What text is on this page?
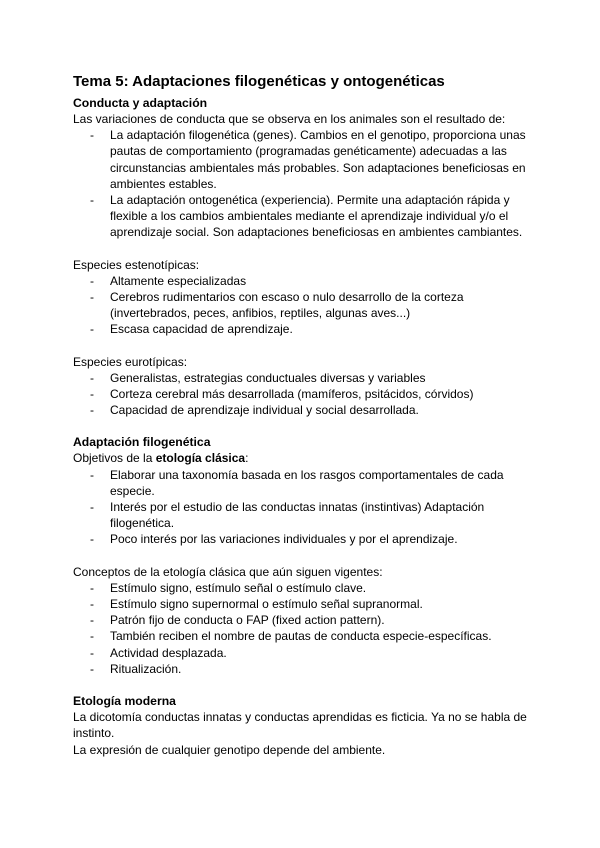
Tema 5: Adaptaciones filogenéticas y ontogenéticas
Conducta y adaptación

Las variaciones de conducta que se observa en los animales son el resultado de:

- La adaptación filogenética (genes). Cambios en el genotipo, proporciona unas pautas de comportamiento (programadas genéticamente) adecuadas a las circunstancias ambientales más probables. Son adaptaciones beneficiosas en ambientes estables.
- La adaptación ontogenética (experiencia). Permite una adaptación rápida y flexible a los cambios ambientales mediante el aprendizaje individual y/o el aprendizaje social. Son adaptaciones beneficiosas en ambientes cambiantes.

Especies estenotípicas:

- Altamente especializadas
- Cerebros rudimentarios con escaso o nulo desarrollo de la corteza (invertebrados, peces, anfibios, reptiles, algunas aves...)
- Escasa capacidad de aprendizaje.

Especies eurotípicas:

- Generalistas, estrategias conductuales diversas y variables
- Corteza cerebral más desarrollada (mamíferos, psitácidos, córvidos)
- Capacidad de aprendizaje individual y social desarrollada.
Adaptación filogenética

Objetivos de la etología clásica:

- Elaborar una taxonomía basada en los rasgos comportamentales de cada especie.
- Interés por el estudio de las conductas innatas (instintivas) Adaptación filogenética.
- Poco interés por las variaciones individuales y por el aprendizaje.

Conceptos de la etología clásica que aún siguen vigentes:

- Estímulo signo, estímulo señal o estímulo clave.
- Estímulo signo supernormal o estímulo señal supranormal.
- Patrón fijo de conducta o FAP (fixed action pattern).
- También reciben el nombre de pautas de conducta especie-específicas.
- Actividad desplazada.
- Ritualización.
Etología moderna

La dicotomía conductas innatas y conductas aprendidas es ficticia. Ya no se habla de instinto.

La expresión de cualquier genotipo depende del ambiente.
